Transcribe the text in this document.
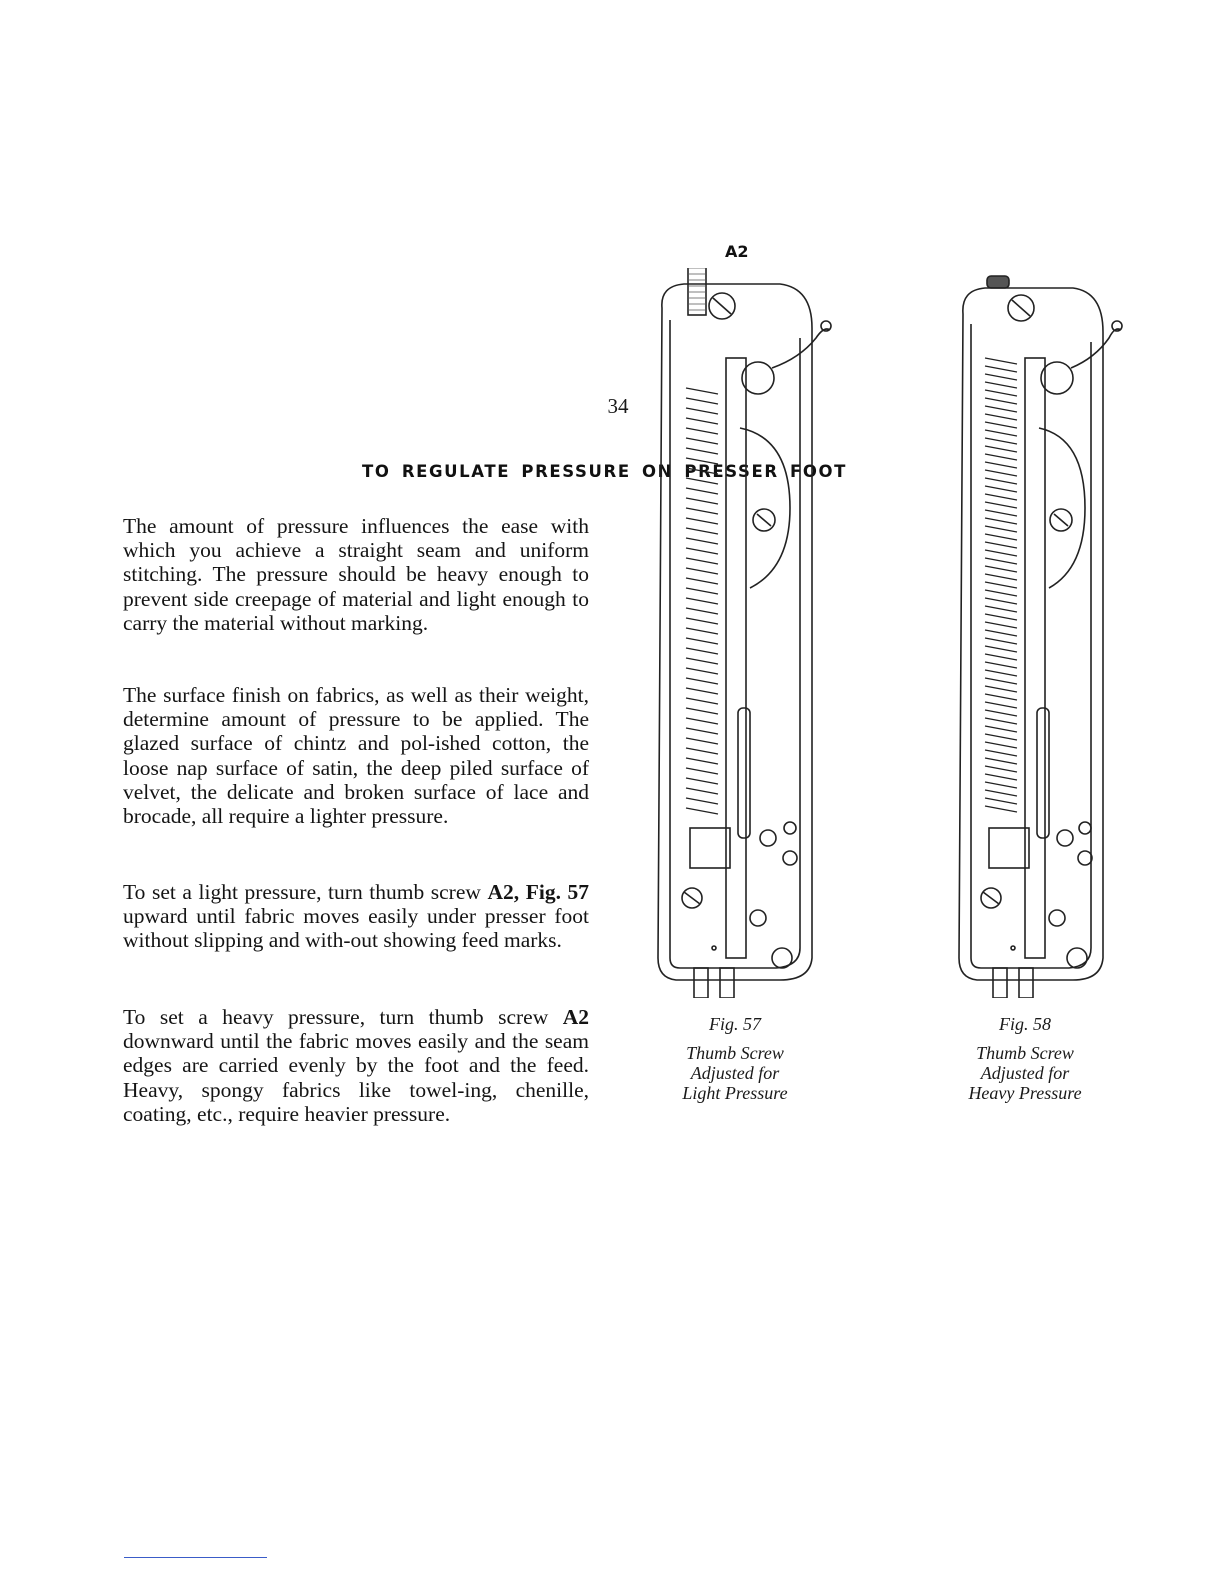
34
TO REGULATE PRESSURE ON PRESSER FOOT

The amount of pressure influences the ease with which you achieve a straight seam and uniform stitching. The pressure should be heavy enough to prevent side creepage of material and light enough to carry the material without marking.

The surface finish on fabrics, as well as their weight, determine amount of pressure to be applied. The glazed surface of chintz and pol-ished cotton, the loose nap surface of satin, the deep piled surface of velvet, the delicate and broken surface of lace and brocade, all require a lighter pressure.

To set a light pressure, turn thumb screw A2, Fig. 57 upward until fabric moves easily under presser foot without slipping and with-out showing feed marks.

To set a heavy pressure, turn thumb screw A2 downward until the fabric moves easily and the seam edges are carried evenly by the foot and the feed. Heavy, spongy fabrics like towel-ing, chenille, coating, etc., require heavier pressure.

A2
Fig. 57
Thumb Screw
Adjusted for
Light Pressure
Fig. 58
Thumb Screw
Adjusted for
Heavy Pressure
